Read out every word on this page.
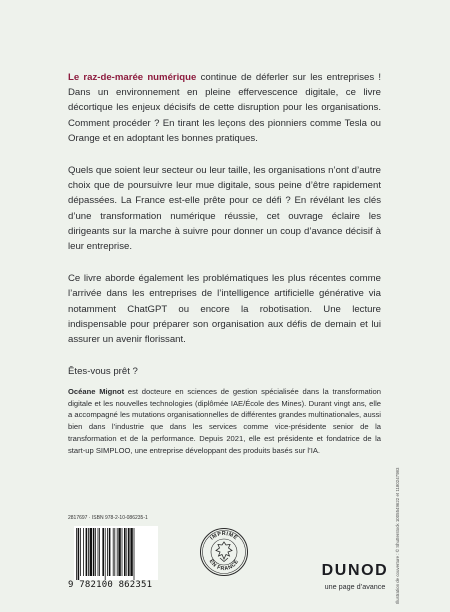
Le raz-de-marée numérique continue de déferler sur les entreprises ! Dans un environnement en pleine effervescence digitale, ce livre décortique les enjeux décisifs de cette disruption pour les organisations. Comment procéder ? En tirant les leçons des pionniers comme Tesla ou Orange et en adoptant les bonnes pratiques.

Quels que soient leur secteur ou leur taille, les organisations n’ont d’autre choix que de poursuivre leur mue digitale, sous peine d’être rapidement dépassées. La France est-elle prête pour ce défi ? En révélant les clés d’une transformation numérique réussie, cet ouvrage éclaire les dirigeants sur la marche à suivre pour donner un coup d’avance décisif à leur entreprise.

Ce livre aborde également les problématiques les plus récentes comme l’arrivée dans les entreprises de l’intelligence artificielle générative via notamment ChatGPT ou encore la robotisation. Une lecture indispensable pour préparer son organisation aux défis de demain et lui assurer un avenir florissant.

Êtes-vous prêt ?

Océane Mignot est docteure en sciences de gestion spécialisée dans la transformation digitale et les nouvelles technologies (diplômée IAE/École des Mines). Durant vingt ans, elle a accompagné les mutations organisationnelles de différentes grandes multinationales, aussi bien dans l’industrie que dans les services comme vice-présidente senior de la transformation et de la performance. Depuis 2021, elle est présidente et fondatrice de la start-up SIMPLOO, une entreprise développant des produits basés sur l’IA.

Illustration de couverture : © Shutterstock 1005549622 et 1180247983
2817697 · ISBN 978-2-10-086235-1
9 782100 862351
IMPRIMÉ
EN FRANCE	DUNOD
une page d’avance
